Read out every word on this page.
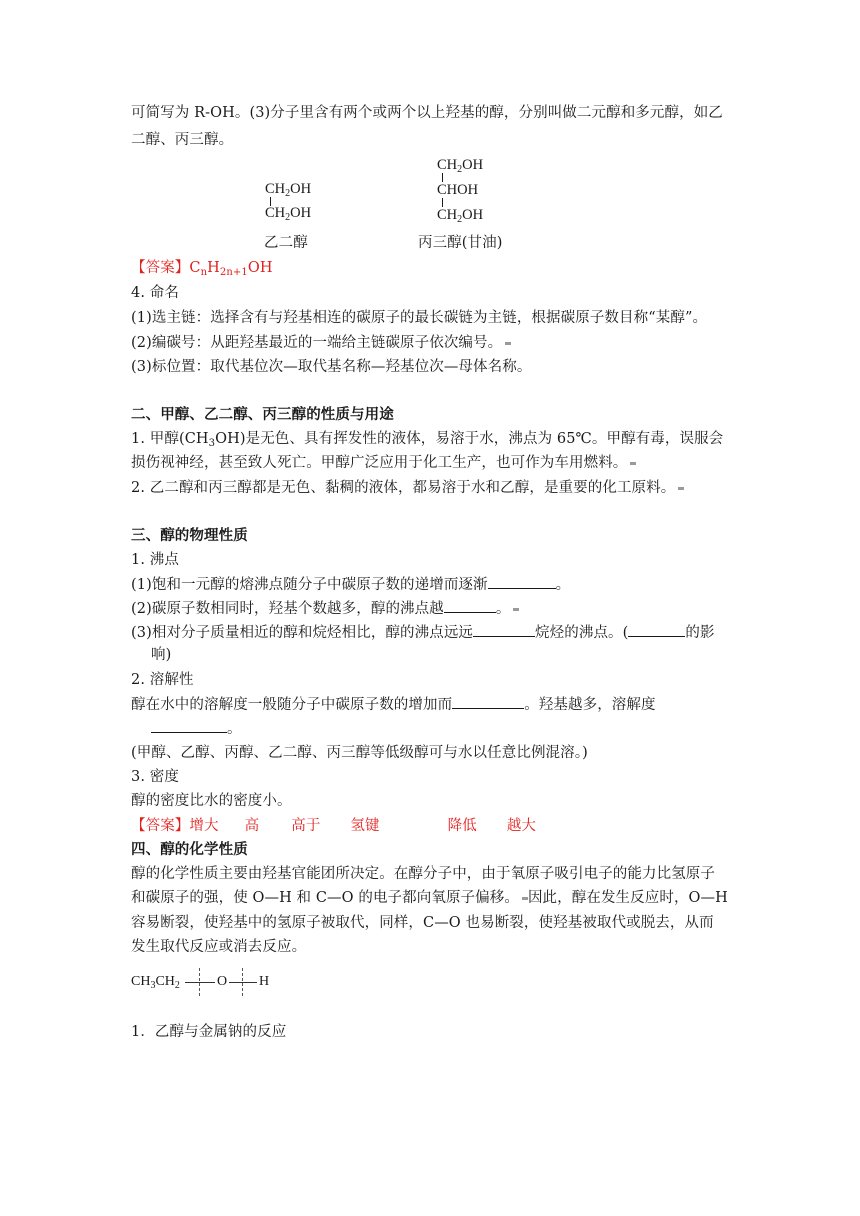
可简写为 R-OH。(3)分子里含有两个或两个以上羟基的醇，分别叫做二元醇和多元醇，如乙
二醇、丙三醇。
$CH_2OH$
$CH_2OH$
乙二醇
$CH_2OH$
CHOH
$CH_2OH$
丙三醇(甘油)
【答案】$C_nH_{2n+1}OH$
4. 命名
(1)选主链：选择含有与羟基相连的碳原子的最长碳链为主链，根据碳原子数目称“某醇”。
(2)编碳号：从距羟基最近的一端给主链碳原子依次编号。
(3)标位置：取代基位次—取代基名称—羟基位次—母体名称。
二、甲醇、乙二醇、丙三醇的性质与用途
1. 甲醇$(CH_3OH)$是无色、具有挥发性的液体，易溶于水，沸点为 65℃。甲醇有毒，误服会
损伤视神经，甚至致人死亡。甲醇广泛应用于化工生产，也可作为车用燃料。
2. 乙二醇和丙三醇都是无色、黏稠的液体，都易溶于水和乙醇，是重要的化工原料。
三、醇的物理性质
1. 沸点
(1)饱和一元醇的熔沸点随分子中碳原子数的递增而逐渐	。
(2)碳原子数相同时，羟基个数越多，醇的沸点越	。
(3)相对分子质量相近的醇和烷烃相比，醇的沸点远远	烷烃的沸点。(	的影
响)
2. 溶解性
醇在水中的溶解度一般随分子中碳原子数的增加而	。羟基越多，溶解度
。
(甲醇、乙醇、丙醇、乙二醇、丙三醇等低级醇可与水以任意比例混溶。)
3. 密度
醇的密度比水的密度小。
【答案】增大 高 高于 氢键	降低 越大
四、醇的化学性质
醇的化学性质主要由羟基官能团所决定。在醇分子中，由于氧原子吸引电子的能力比氢原子
和碳原子的强，使 O—H 和 C—O 的电子都向氧原子偏移。 因此，醇在发生反应时，O—H
容易断裂，使羟基中的氢原子被取代，同样，C—O 也易断裂，使羟基被取代或脱去，从而
发生取代反应或消去反应。
$CH_3CH_2$	O H
1．乙醇与金属钠的反应
